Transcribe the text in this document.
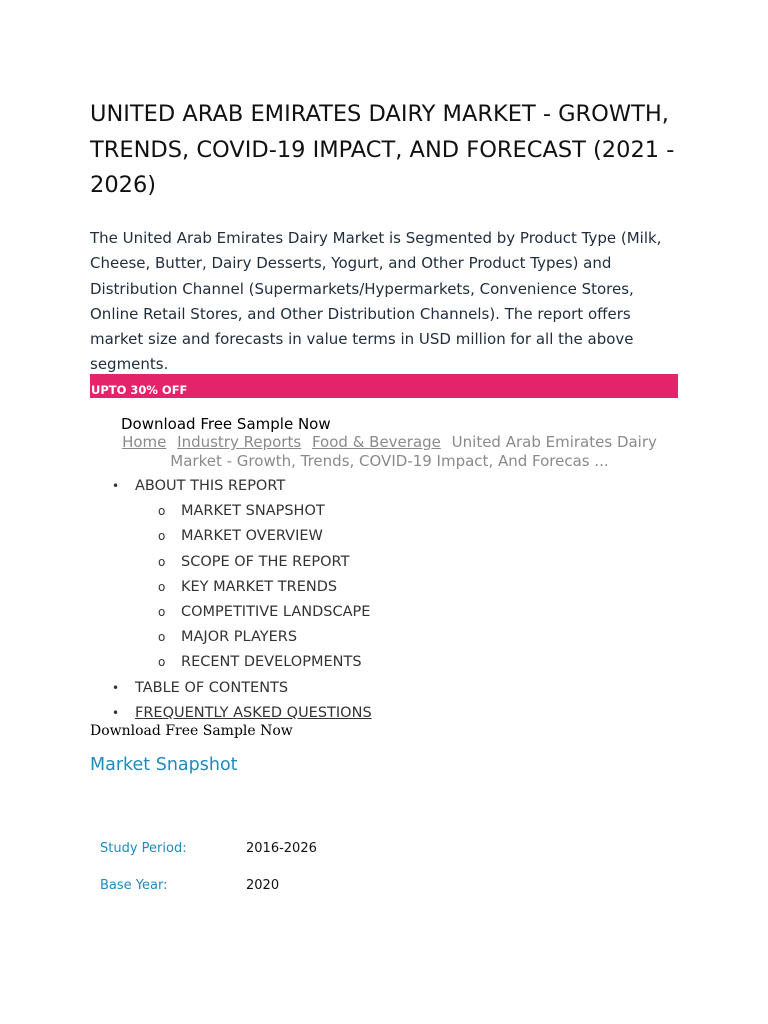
UNITED ARAB EMIRATES DAIRY MARKET - GROWTH, TRENDS, COVID-19 IMPACT, AND FORECAST (2021 - 2026)

The United Arab Emirates Dairy Market is Segmented by Product Type (Milk, Cheese, Butter, Dairy Desserts, Yogurt, and Other Product Types) and Distribution Channel (Supermarkets/Hypermarkets, Convenience Stores, Online Retail Stores, and Other Distribution Channels). The report offers market size and forecasts in value terms in USD million for all the above segments.

UPTO 30% OFF
Download Free Sample Now
Home Industry Reports Food & Beverage United Arab Emirates Dairy Market - Growth, Trends, COVID-19 Impact, And Forecas ...
• ABOUT THIS REPORT
o MARKET SNAPSHOT
o MARKET OVERVIEW
o SCOPE OF THE REPORT
o KEY MARKET TRENDS
o COMPETITIVE LANDSCAPE
o MAJOR PLAYERS
o RECENT DEVELOPMENTS
• TABLE OF CONTENTS
• FREQUENTLY ASKED QUESTIONS
Download Free Sample Now
Market Snapshot
Study Period:	2016-2026
Base Year:	2020
